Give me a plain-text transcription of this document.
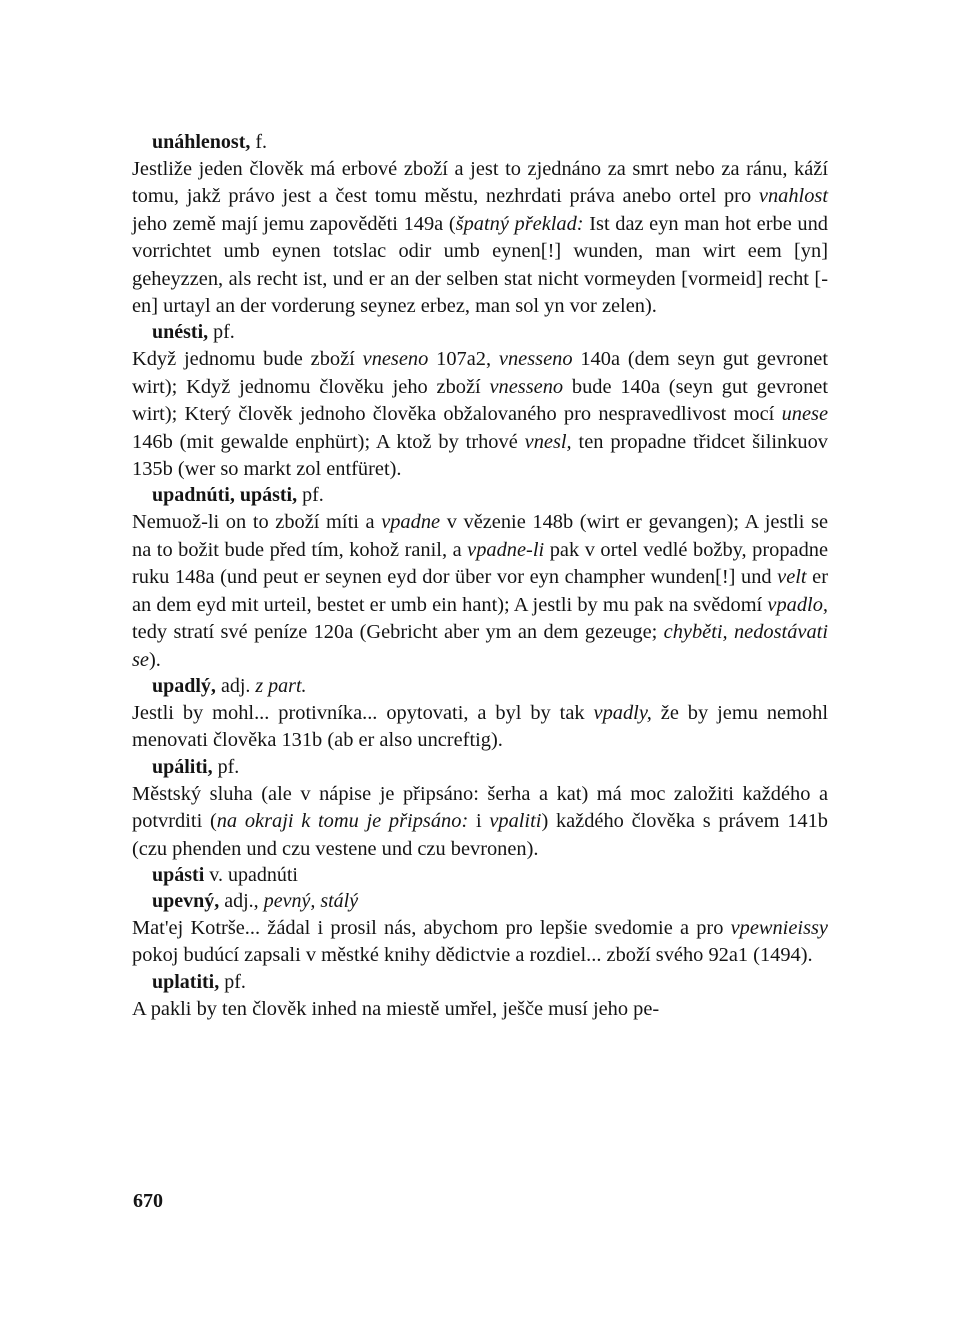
unáhlenost, f.

Jestliže jeden člověk má erbové zboží a jest to zjednáno za smrt nebo za ránu, káží tomu, jakž právo jest a čest tomu městu, nezhrdati práva anebo ortel pro vnahlost jeho země mají jemu zapověděti 149a (špatný překlad: Ist daz eyn man hot erbe und vorrichtet umb eynen totslac odir umb eynen[!] wunden, man wirt eem [yn] geheyzzen, als recht ist, und er an der selben stat nicht vormeyden [vormeid] recht [-en] urtayl an der vorderung seynez erbez, man sol yn vor zelen).

unésti, pf.

Když jednomu bude zboží vneseno 107a2, vnesseno 140a (dem seyn gut gevronet wirt); Když jednomu člověku jeho zboží vnesseno bude 140a (seyn gut gevronet wirt); Který člověk jednoho člověka obžalovaného pro nespravedlivost mocí unese 146b (mit gewalde enphürt); A ktož by trhové vnesl, ten propadne třidcet šilinkuov 135b (wer so markt zol entfüret).

upadnúti, upásti, pf.

Nemuož-li on to zboží míti a vpadne v vězenie 148b (wirt er gevangen); A jestli se na to božit bude před tím, kohož ranil, a vpadne-li pak v ortel vedlé božby, propadne ruku 148a (und peut er seynen eyd dor über vor eyn champher wunden[!] und velt er an dem eyd mit urteil, bestet er umb ein hant); A jestli by mu pak na svědomí vpadlo, tedy stratí své peníze 120a (Gebricht aber ym an dem gezeuge; chyběti, nedostávati se).

upadlý, adj. z part.

Jestli by mohl... protivníka... opytovati, a byl by tak vpadly, že by jemu nemohl menovati člověka 131b (ab er also uncreftig).

upáliti, pf.

Městský sluha (ale v nápise je připsáno: šerha a kat) má moc založiti každého a potvrditi (na okraji k tomu je připsáno: i vpaliti) každého člověka s právem 141b (czu phenden und czu vestene und czu bevronen).

upásti v. upadnúti
upevný, adj., pevný, stálý

Mat'ej Kotrše... žádal i prosil nás, abychom pro lepšie svedomie a pro vpewnieissy pokoj budúcí zapsali v městké knihy dědictvie a rozdiel... zboží svého 92a1 (1494).

uplatiti, pf.

A pakli by ten člověk inhed na miestě umřel, ješče musí jeho pe-

670
